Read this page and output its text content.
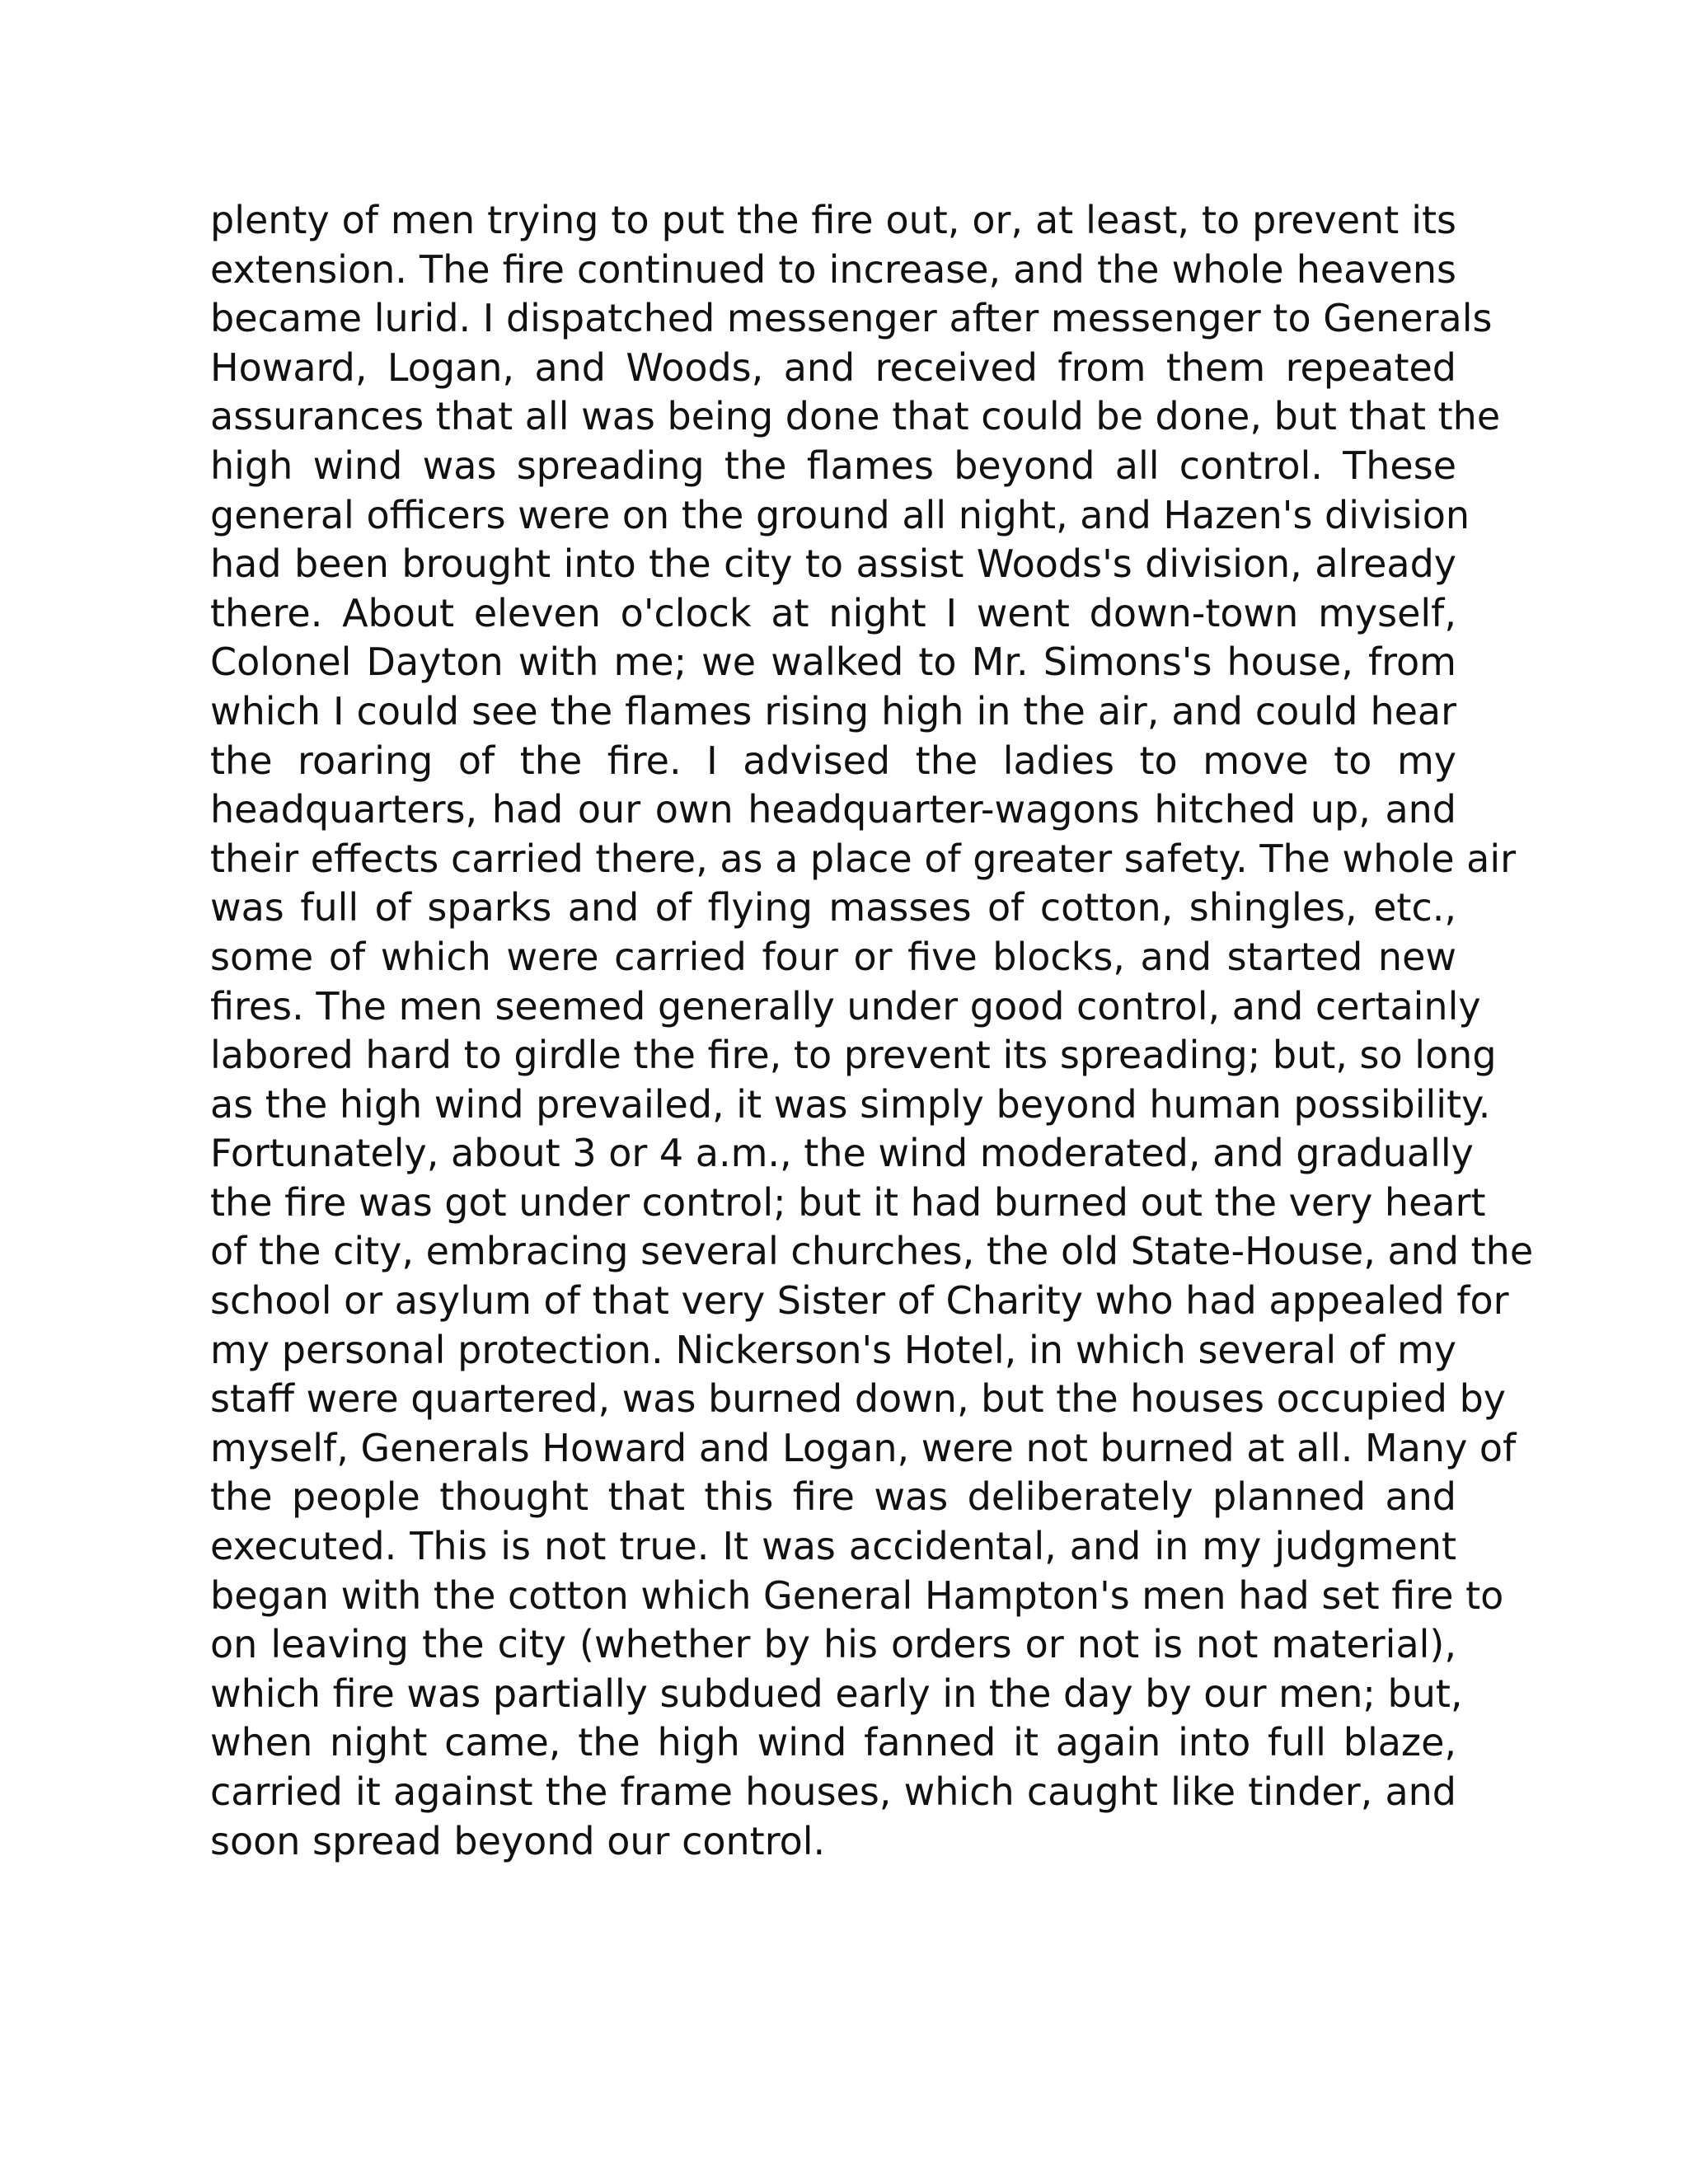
plenty of men trying to put the fire out, or, at least, to prevent its
extension. The fire continued to increase, and the whole heavens
became lurid. I dispatched messenger after messenger to Generals
Howard, Logan, and Woods, and received from them repeated
assurances that all was being done that could be done, but that the
high wind was spreading the flames beyond all control. These
general officers were on the ground all night, and Hazen's division
had been brought into the city to assist Woods's division, already
there. About eleven o'clock at night I went down-town myself,
Colonel Dayton with me; we walked to Mr. Simons's house, from
which I could see the flames rising high in the air, and could hear
the roaring of the fire. I advised the ladies to move to my
headquarters, had our own headquarter-wagons hitched up, and
their effects carried there, as a place of greater safety. The whole air
was full of sparks and of flying masses of cotton, shingles, etc.,
some of which were carried four or five blocks, and started new
fires. The men seemed generally under good control, and certainly
labored hard to girdle the fire, to prevent its spreading; but, so long
as the high wind prevailed, it was simply beyond human possibility.
Fortunately, about 3 or 4 a.m., the wind moderated, and gradually
the fire was got under control; but it had burned out the very heart
of the city, embracing several churches, the old State-House, and the
school or asylum of that very Sister of Charity who had appealed for
my personal protection. Nickerson's Hotel, in which several of my
staff were quartered, was burned down, but the houses occupied by
myself, Generals Howard and Logan, were not burned at all. Many of
the people thought that this fire was deliberately planned and
executed. This is not true. It was accidental, and in my judgment
began with the cotton which General Hampton's men had set fire to
on leaving the city (whether by his orders or not is not material),
which fire was partially subdued early in the day by our men; but,
when night came, the high wind fanned it again into full blaze,
carried it against the frame houses, which caught like tinder, and
soon spread beyond our control.
